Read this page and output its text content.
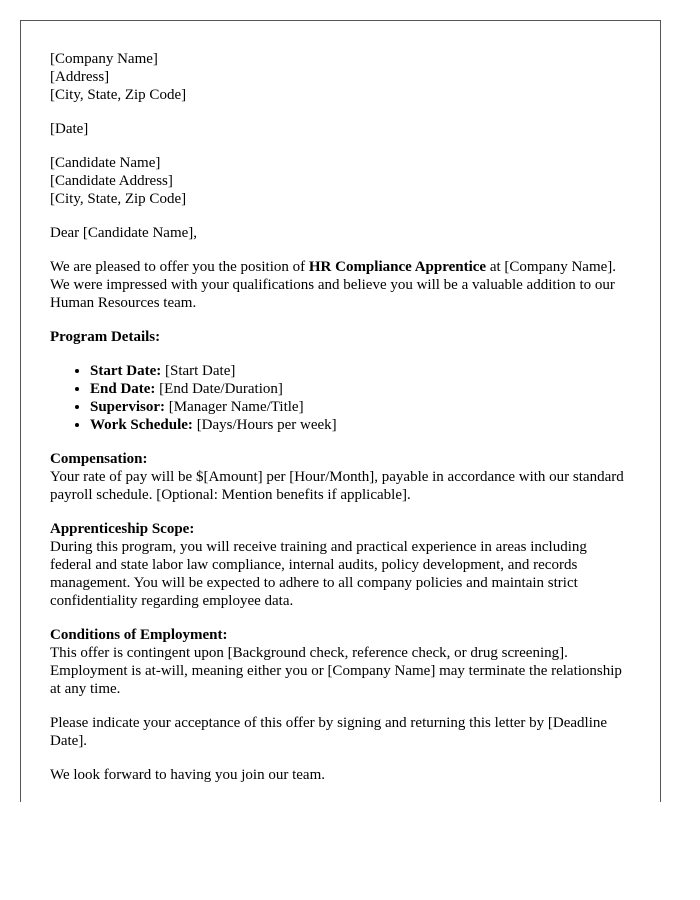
[Company Name]
[Address]
[City, State, Zip Code]
[Date]
[Candidate Name]
[Candidate Address]
[City, State, Zip Code]
Dear [Candidate Name],
We are pleased to offer you the position of HR Compliance Apprentice at [Company Name]. We were impressed with your qualifications and believe you will be a valuable addition to our Human Resources team.
Program Details:
• Start Date: [Start Date]
• End Date: [End Date/Duration]
• Supervisor: [Manager Name/Title]
• Work Schedule: [Days/Hours per week]
Compensation:
Your rate of pay will be $[Amount] per [Hour/Month], payable in accordance with our standard payroll schedule. [Optional: Mention benefits if applicable].
Apprenticeship Scope:
During this program, you will receive training and practical experience in areas including federal and state labor law compliance, internal audits, policy development, and records management. You will be expected to adhere to all company policies and maintain strict confidentiality regarding employee data.
Conditions of Employment:
This offer is contingent upon [Background check, reference check, or drug screening]. Employment is at-will, meaning either you or [Company Name] may terminate the relationship at any time.
Please indicate your acceptance of this offer by signing and returning this letter by [Deadline Date].
We look forward to having you join our team.
